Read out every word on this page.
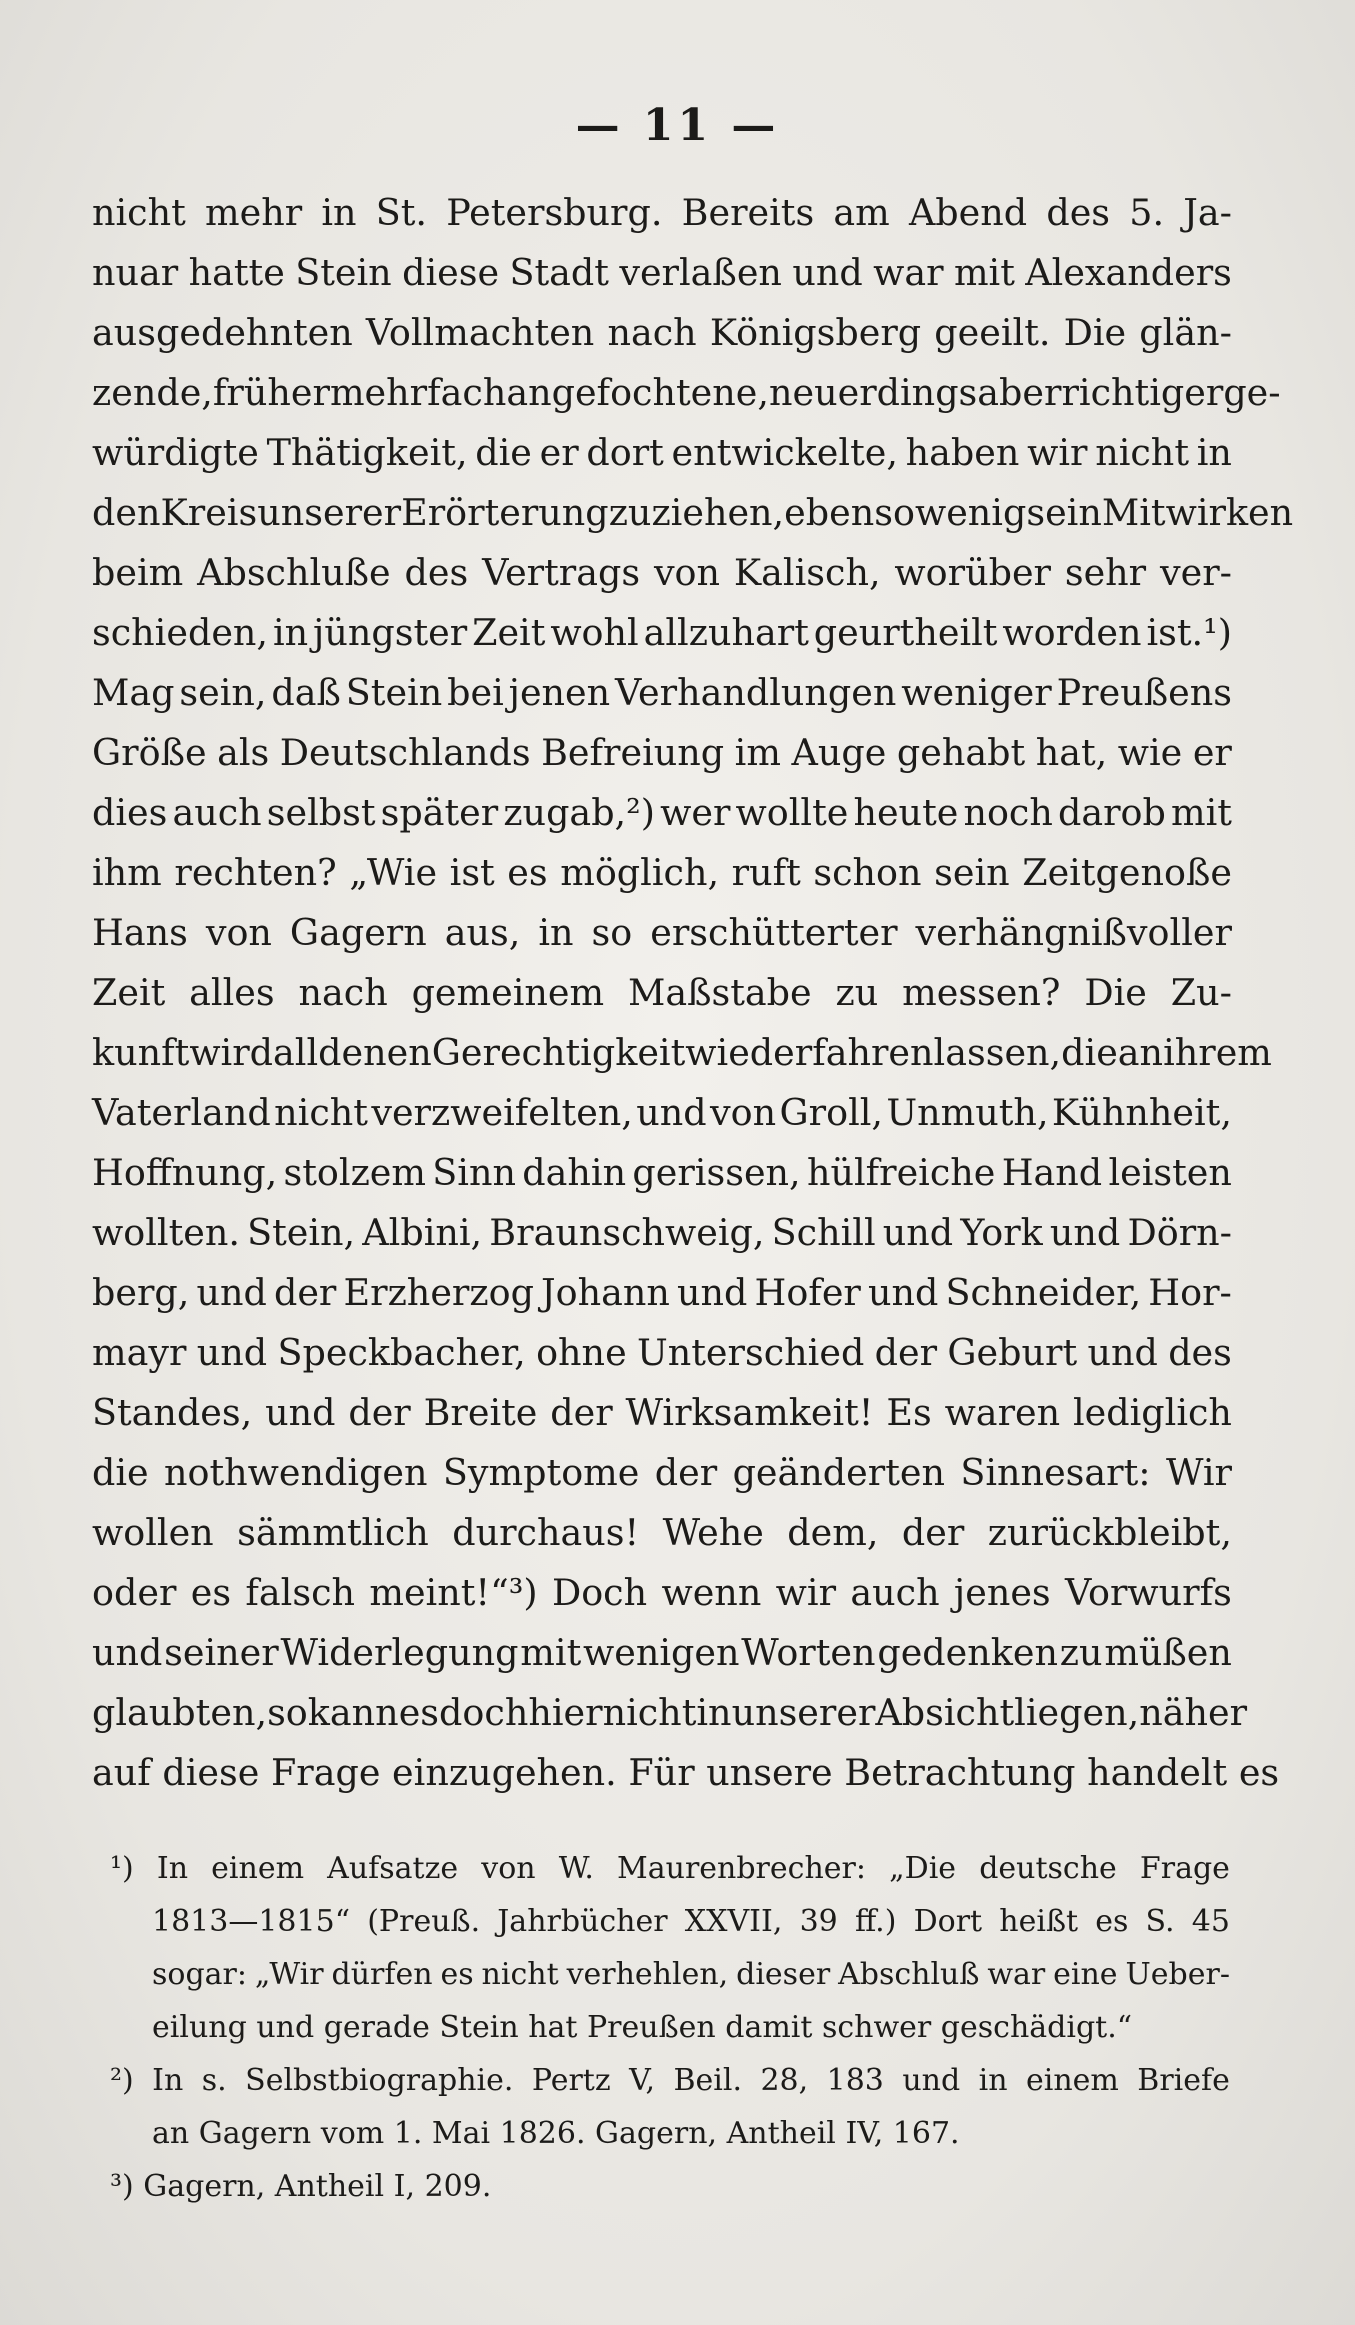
— 11 —
nicht mehr in St. Petersburg. Bereits am Abend des 5. Ja-
nuar hatte Stein diese Stadt verlaßen und war mit Alexanders
ausgedehnten Vollmachten nach Königsberg geeilt. Die glän-
zende, früher mehrfach angefochtene, neuerdings aber richtiger ge-
würdigte Thätigkeit, die er dort entwickelte, haben wir nicht in
den Kreis unserer Erörterung zu ziehen, ebensowenig sein Mitwirken
beim Abschluße des Vertrags von Kalisch, worüber sehr ver-
schieden, in jüngster Zeit wohl allzuhart geurtheilt worden ist.¹)
Mag sein, daß Stein bei jenen Verhandlungen weniger Preußens
Größe als Deutschlands Befreiung im Auge gehabt hat, wie er
dies auch selbst später zugab,²) wer wollte heute noch darob mit
ihm rechten? „Wie ist es möglich, ruft schon sein Zeitgenoße
Hans von Gagern aus, in so erschütterter verhängnißvoller
Zeit alles nach gemeinem Maßstabe zu messen? Die Zu-
kunft wird all denen Gerechtigkeit wiederfahren lassen, die an ihrem
Vaterland nicht verzweifelten, und von Groll, Unmuth, Kühnheit,
Hoffnung, stolzem Sinn dahin gerissen, hülfreiche Hand leisten
wollten. Stein, Albini, Braunschweig, Schill und York und Dörn-
berg, und der Erzherzog Johann und Hofer und Schneider, Hor-
mayr und Speckbacher, ohne Unterschied der Geburt und des
Standes, und der Breite der Wirksamkeit! Es waren lediglich
die nothwendigen Symptome der geänderten Sinnesart: Wir
wollen sämmtlich durchaus! Wehe dem, der zurückbleibt,
oder es falsch meint!“³) Doch wenn wir auch jenes Vorwurfs
und seiner Widerlegung mit wenigen Worten gedenken zu müßen
glaubten, so kann es doch hier nicht in unserer Absicht liegen, näher
auf diese Frage einzugehen. Für unsere Betrachtung handelt es
¹) In einem Aufsatze von W. Maurenbrecher: „Die deutsche Frage
1813—1815“ (Preuß. Jahrbücher XXVII, 39 ff.) Dort heißt es S. 45
sogar: „Wir dürfen es nicht verhehlen, dieser Abschluß war eine Ueber-
eilung und gerade Stein hat Preußen damit schwer geschädigt.“
²) In s. Selbstbiographie. Pertz V, Beil. 28, 183 und in einem Briefe
an Gagern vom 1. Mai 1826. Gagern, Antheil IV, 167.
³) Gagern, Antheil I, 209.
